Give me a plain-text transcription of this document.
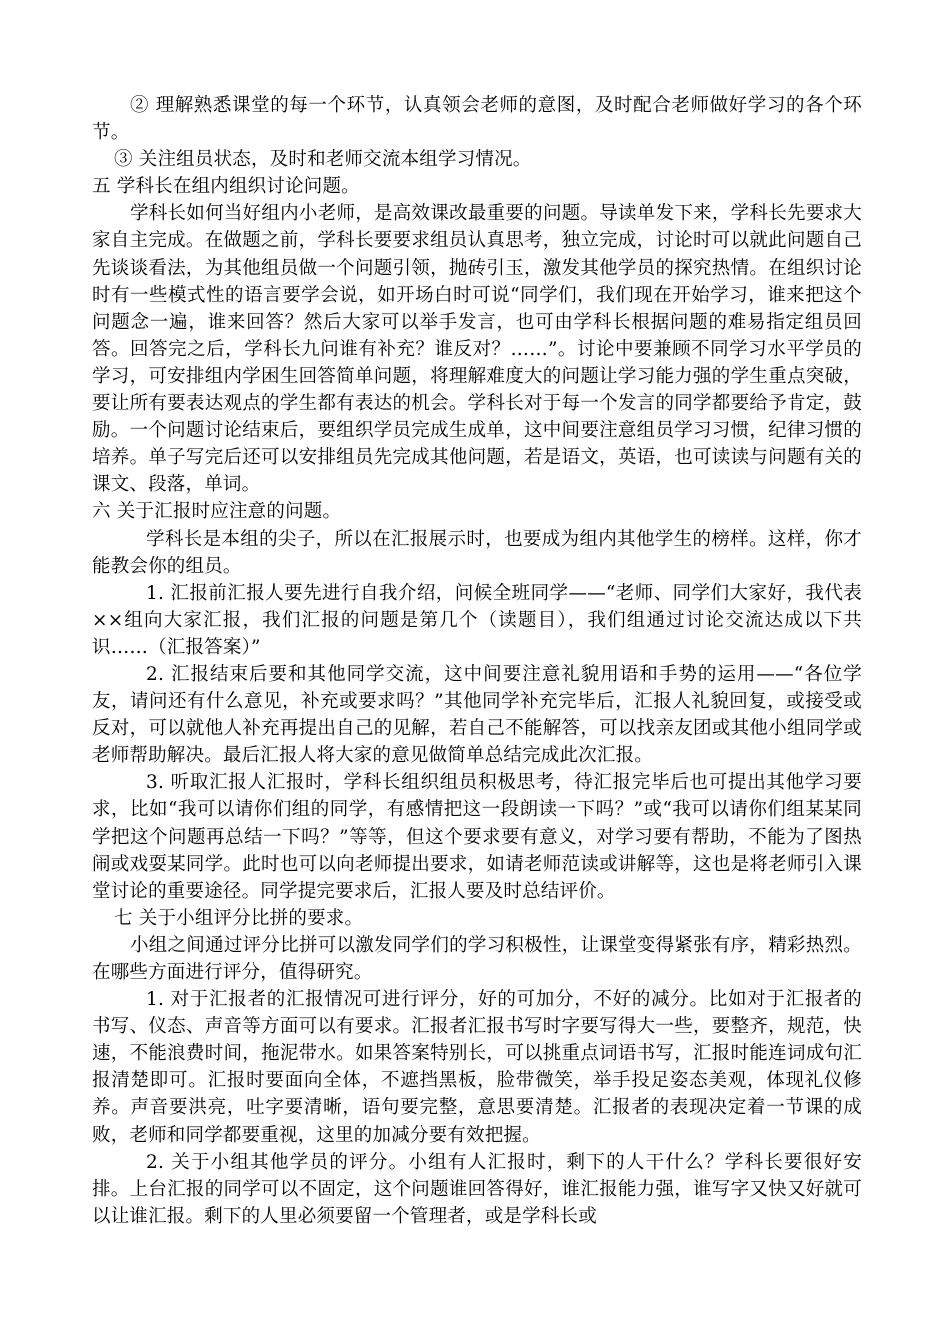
② 理解熟悉课堂的每一个环节，认真领会老师的意图，及时配合老师做好学习的各个环节。

③ 关注组员状态，及时和老师交流本组学习情况。

五 学科长在组内组织讨论问题。

学科长如何当好组内小老师，是高效课改最重要的问题。导读单发下来，学科长先要求大家自主完成。在做题之前，学科长要要求组员认真思考，独立完成，讨论时可以就此问题自己先谈谈看法，为其他组员做一个问题引领，抛砖引玉，激发其他学员的探究热情。在组织讨论时有一些模式性的语言要学会说，如开场白时可说“同学们，我们现在开始学习，谁来把这个问题念一遍，谁来回答？然后大家可以举手发言，也可由学科长根据问题的难易指定组员回答。回答完之后，学科长九问谁有补充？谁反对？……”。讨论中要兼顾不同学习水平学员的学习，可安排组内学困生回答简单问题，将理解难度大的问题让学习能力强的学生重点突破，要让所有要表达观点的学生都有表达的机会。学科长对于每一个发言的同学都要给予肯定，鼓励。一个问题讨论结束后，要组织学员完成生成单，这中间要注意组员学习习惯，纪律习惯的培养。单子写完后还可以安排组员先完成其他问题，若是语文，英语，也可读读与问题有关的课文、段落，单词。

六 关于汇报时应注意的问题。

学科长是本组的尖子，所以在汇报展示时，也要成为组内其他学生的榜样。这样，你才能教会你的组员。

1. 汇报前汇报人要先进行自我介绍，问候全班同学——“老师、同学们大家好，我代表××组向大家汇报，我们汇报的问题是第几个（读题目），我们组通过讨论交流达成以下共识……（汇报答案）”

2. 汇报结束后要和其他同学交流，这中间要注意礼貌用语和手势的运用——“各位学友，请问还有什么意见，补充或要求吗？”其他同学补充完毕后，汇报人礼貌回复，或接受或反对，可以就他人补充再提出自己的见解，若自己不能解答，可以找亲友团或其他小组同学或老师帮助解决。最后汇报人将大家的意见做简单总结完成此次汇报。

3. 听取汇报人汇报时，学科长组织组员积极思考，待汇报完毕后也可提出其他学习要求，比如“我可以请你们组的同学，有感情把这一段朗读一下吗？”或“我可以请你们组某某同学把这个问题再总结一下吗？”等等，但这个要求要有意义，对学习要有帮助，不能为了图热闹或戏耍某同学。此时也可以向老师提出要求，如请老师范读或讲解等，这也是将老师引入课堂讨论的重要途径。同学提完要求后，汇报人要及时总结评价。

七 关于小组评分比拼的要求。

小组之间通过评分比拼可以激发同学们的学习积极性，让课堂变得紧张有序，精彩热烈。在哪些方面进行评分，值得研究。

1. 对于汇报者的汇报情况可进行评分，好的可加分，不好的减分。比如对于汇报者的书写、仪态、声音等方面可以有要求。汇报者汇报书写时字要写得大一些，要整齐，规范，快速，不能浪费时间，拖泥带水。如果答案特别长，可以挑重点词语书写，汇报时能连词成句汇报清楚即可。汇报时要面向全体，不遮挡黑板，脸带微笑，举手投足姿态美观，体现礼仪修养。声音要洪亮，吐字要清晰，语句要完整，意思要清楚。汇报者的表现决定着一节课的成败，老师和同学都要重视，这里的加减分要有效把握。

2. 关于小组其他学员的评分。小组有人汇报时，剩下的人干什么？学科长要很好安排。上台汇报的同学可以不固定，这个问题谁回答得好，谁汇报能力强，谁写字又快又好就可以让谁汇报。剩下的人里必须要留一个管理者，或是学科长或
